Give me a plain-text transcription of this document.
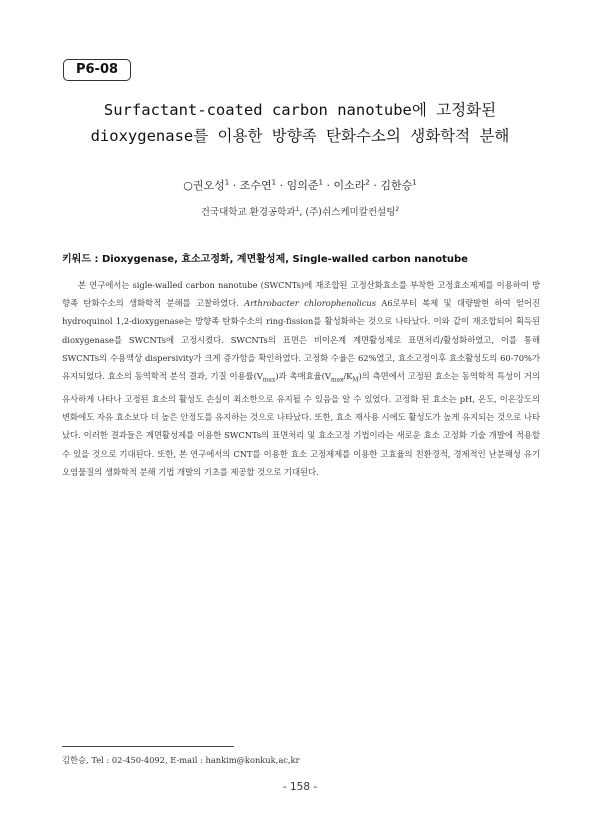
P6-08
Surfactant-coated carbon nanotube에 고정화된
dioxygenase를 이용한 방향족 탄화수소의 생화학적 분해
○권오성$^1$ · 조수연$^1$ · 임의준$^1$ · 이소라$^2$ · 김한승$^1$
건국대학교 환경공학과$^1$, (주)쉬스케미칼컨설팅$^2$
키워드 : Dioxygenase, 효소고정화, 계면활성제, Single-walled carbon nanotube
본 연구에서는 sigle-walled carbon nanotube (SWCNTs)에 재조합된 고정산화효소를 부착한 고정효소제제를 이용하여 방향족 탄화수소의 생화학적 분해를 고찰하였다. Arthrobacter chlorophenolicus A6로부터 복제 및 대량발현 하여 얻어진 hydroquinol 1,2-dioxygenase는 방향족 탄화수소의 ring-fission를 활성화하는 것으로 나타났다. 이와 같이 재조합되어 획득된 dioxygenase를 SWCNTs에 고정시켰다. SWCNTs의 표면은 비이온계 계면활성제로 표면처리/활성화하였고, 이를 통해 SWCNTs의 수용액상 dispersivity가 크게 증가함을 확인하였다. 고정화 수율은 62%였고, 효소고정이후 효소활성도의 60-70%가 유지되었다. 효소의 동역학적 분석 결과, 기질 이용률$(V_{max})$과 촉매효율$(V_{max}/K_M)$의 측면에서 고정된 효소는 동역학적 특성이 거의 유사하게 나타나 고정된 효소의 활성도 손실이 최소한으로 유지될 수 있음을 알 수 있었다. 고정화 된 효소는 pH, 온도, 이온강도의 변화에도 자유 효소보다 더 높은 안정도를 유지하는 것으로 나타났다. 또한, 효소 재사용 시에도 활성도가 높게 유지되는 것으로 나타났다. 이러한 결과들은 계면활성제를 이용한 SWCNTs의 표면처리 및 효소고정 기법이라는 새로운 효소 고정화 기술 개발에 적용할 수 있을 것으로 기대된다. 또한, 본 연구에서의 CNT를 이용한 효소 고정제제를 이용한 고효율의 친환경적, 경제적인 난분해성 유기오염물질의 생화학적 분해 기법 개발의 기초를 제공할 것으로 기대된다.
김한승, Tel : 02-450-4092, E-mail : hankim@konkuk,ac,kr
- 158 -
